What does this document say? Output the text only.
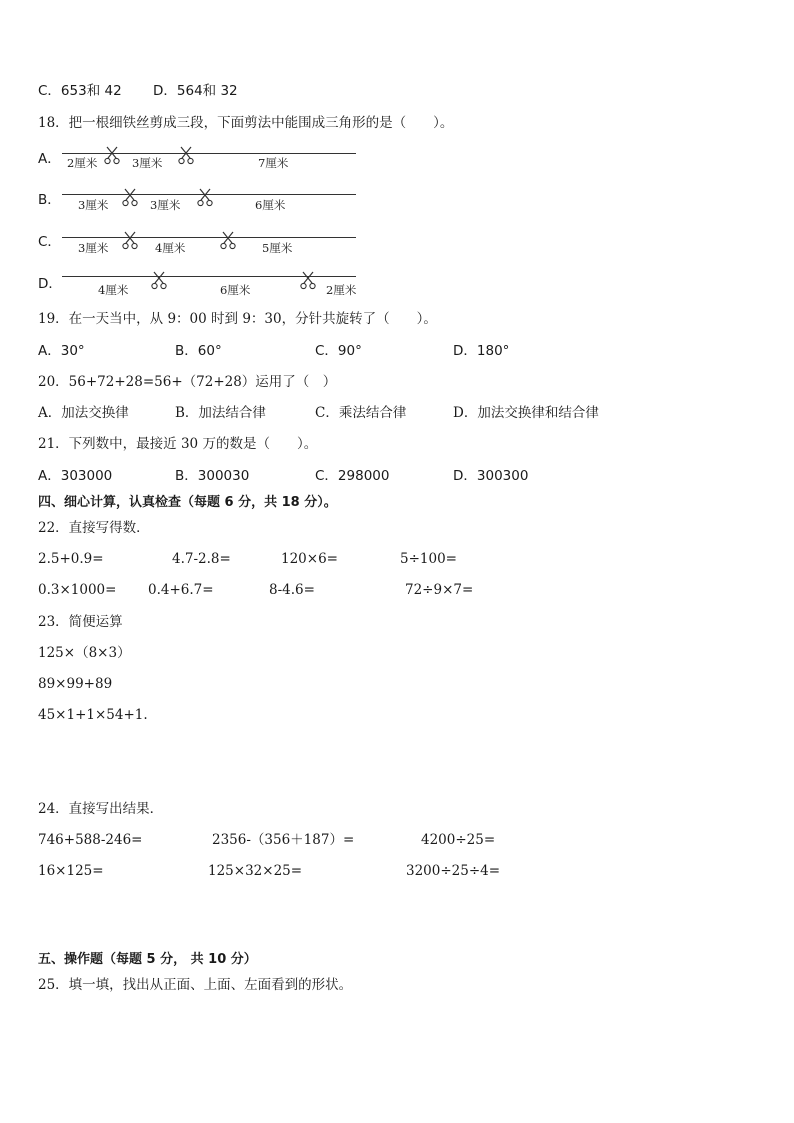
C．653和 42 D．564和 32
18．把一根细铁丝剪成三段，下面剪法中能围成三角形的是（　　）。
A． 2厘米	3厘米	7厘米
B． 3厘米	3厘米	6厘米
C． 3厘米	4厘米	5厘米
D．	4厘米	6厘米	2厘米
19．在一天当中，从 9：00 时到 9：30，分针共旋转了（　　）。
A．30°	B．60°	C．90°	D．180°
20．56+72+28=56+（72+28）运用了（　）
A．加法交换律	B．加法结合律	C．乘法结合律	D．加法交换律和结合律
21．下列数中，最接近 30 万的数是（　　）。
A．303000	B．300030	C．298000	D．300300
四、细心计算，认真检查（每题 6 分，共 18 分）。
22．直接写得数．
2.5+0.9=	4.7-2.8=	120×6=	5÷100=
0.3×1000= 0.4+6.7=	8-4.6=	72÷9×7=
23．简便运算
125×（8×3）
89×99+89
45×1+1×54+1.
24．直接写出结果．
746+588-246=	2356-（356＋187）=	4200÷25=
16×125=	125×32×25=	3200÷25÷4=
五、操作题（每题 5 分， 共 10 分）
25．填一填，找出从正面、上面、左面看到的形状。
